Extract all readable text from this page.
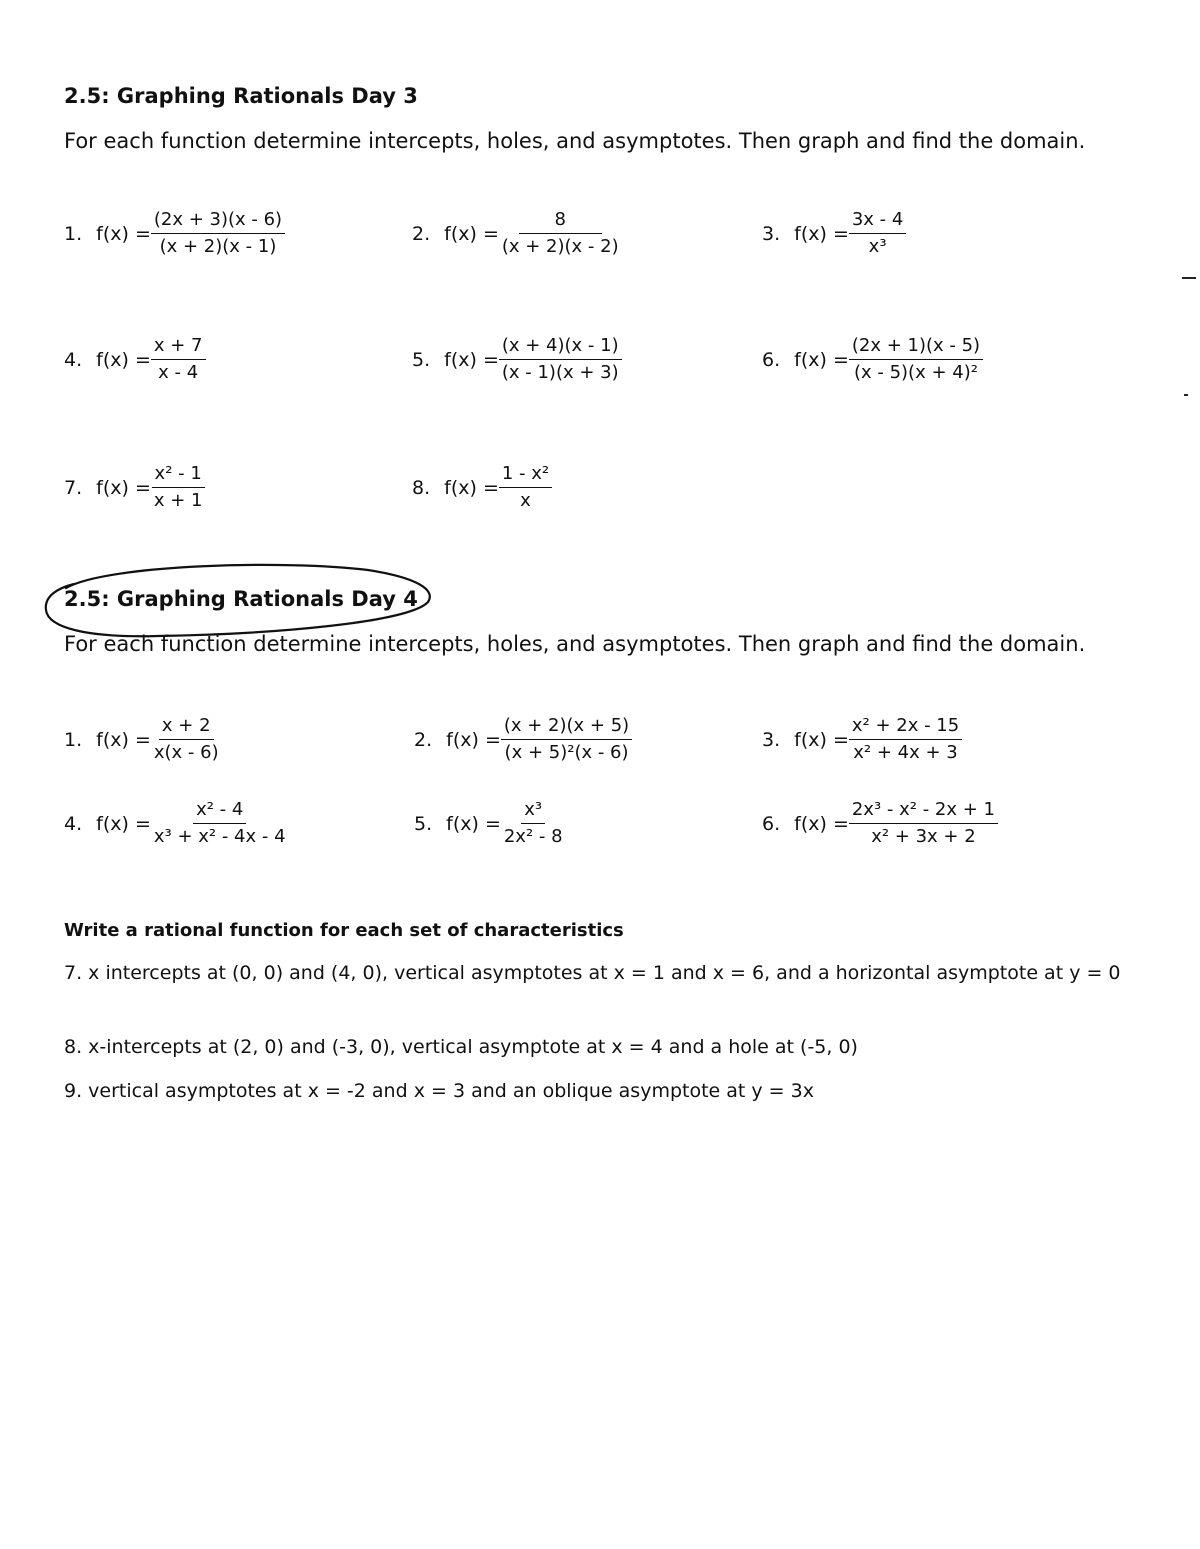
2.5: Graphing Rationals Day 3
For each function determine intercepts, holes, and asymptotes. Then graph and find the domain.
1. $f(x) = \frac{(2x + 3)(x - 6)}{(x + 2)(x - 1)}$	2. $f(x) = \frac{8}{(x + 2)(x - 2)}$	3. $f(x) = \frac{3x - 4}{\text{x³}}$
4. $f(x) = \frac{x + 7}{x - 4}$	5. $f(x) = \frac{(x + 4)(x - 1)}{(x - 1)(x + 3)}$	6. $f(x) = \frac{(2x + 1)(x - 5)}{\text{(x - 5)(x + 4)²}}$
7. $f(x) = \frac{\text{x² - 1}}{x + 1}$	8. $f(x) = \frac{\text{1 - x²}}{x}$
2.5: Graphing Rationals Day 4
For each function determine intercepts, holes, and asymptotes. Then graph and find the domain.
1. $f(x) = \frac{x + 2}{x(x - 6)}$	2. $f(x) = \frac{(x + 2)(x + 5)}{\text{(x + 5)²(x - 6)}}$	3. $f(x) = \frac{\text{x² + 2x - 15}}{\text{x² + 4x + 3}}$
4. $f(x) = \frac{\text{x² - 4}}{\text{x³ + x² - 4x - 4}}$	5. $f(x) = \frac{\text{x³}}{\text{2x² - 8}}$	6. $f(x) = \frac{\text{2x³ - x² - 2x + 1}}{\text{x² + 3x + 2}}$
Write a rational function for each set of characteristics
7. x intercepts at (0, 0) and (4, 0), vertical asymptotes at x = 1 and x = 6, and a horizontal asymptote at y = 0
8. x-intercepts at (2, 0) and (-3, 0), vertical asymptote at x = 4 and a hole at (-5, 0)
9. vertical asymptotes at x = -2 and x = 3 and an oblique asymptote at y = 3x
